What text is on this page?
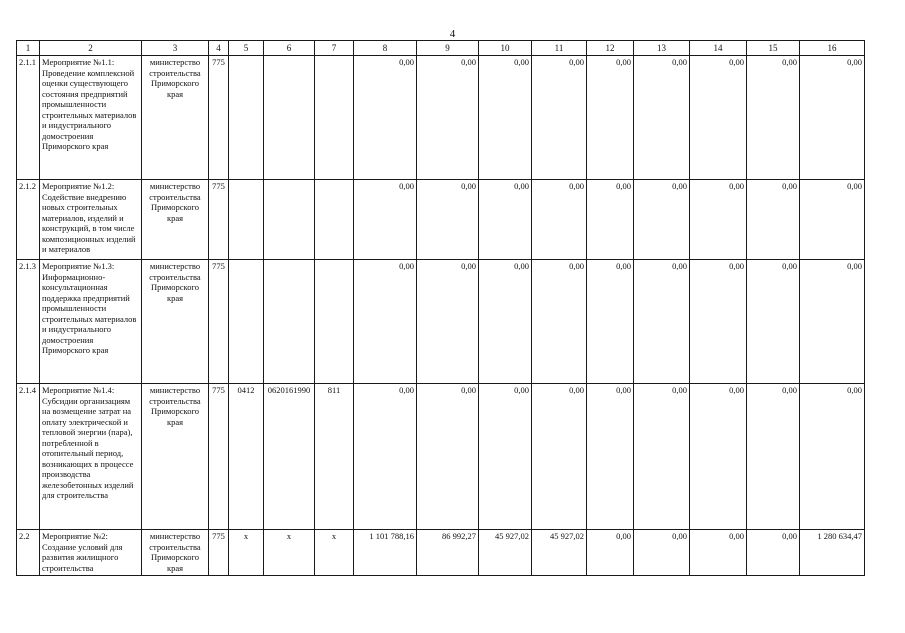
4
1	2	3	4	5	6	7	8	9	10	11	12	13	14	15	16
2.1.1	Мероприятие №1.1: Проведение комплексной оценки существующего состояния предприятий промышленности строительных материалов и индустриального домостроения Приморского края	министерство строительства Приморского края	775				0,00	0,00	0,00	0,00	0,00	0,00	0,00	0,00	0,00
2.1.2	Мероприятие №1.2: Содействие внедрению новых строительных материалов, изделий и конструкций, в том числе композиционных изделий и материалов	министерство строительства Приморского края	775				0,00	0,00	0,00	0,00	0,00	0,00	0,00	0,00	0,00
2.1.3	Мероприятие №1.3: Информационно-консультационная поддержка предприятий промышленности строительных материалов и индустриального домостроения Приморского края	министерство строительства Приморского края	775				0,00	0,00	0,00	0,00	0,00	0,00	0,00	0,00	0,00
2.1.4	Мероприятие №1.4: Субсидии организациям на возмещение затрат на оплату электрической и тепловой энергии (пара), потребленной в отопительный период, возникающих в процессе производства железобетонных изделий для строительства	министерство строительства Приморского края	775	0412	0620161990	811	0,00	0,00	0,00	0,00	0,00	0,00	0,00	0,00	0,00
2.2	Мероприятие №2: Создание условий для развития жилищного строительства	министерство строительства Приморского края	775	х	х	х	1 101 788,16	86 992,27	45 927,02	45 927,02	0,00	0,00	0,00	0,00	1 280 634,47
